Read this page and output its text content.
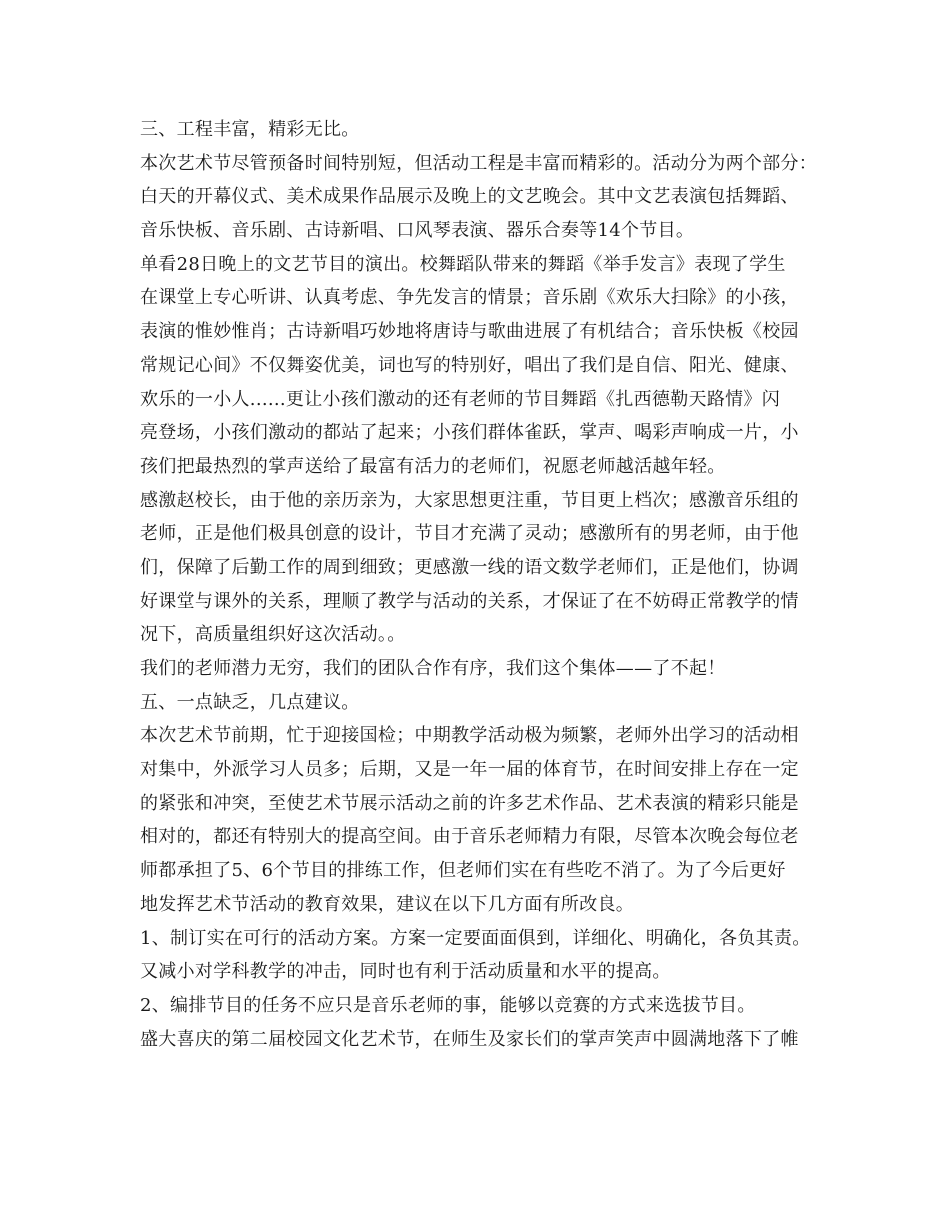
三、工程丰富，精彩无比。
本次艺术节尽管预备时间特别短，但活动工程是丰富而精彩的。活动分为两个部分：
白天的开幕仪式、美术成果作品展示及晚上的文艺晚会。其中文艺表演包括舞蹈、
音乐快板、音乐剧、古诗新唱、口风琴表演、器乐合奏等14个节目。
单看28日晚上的文艺节目的演出。校舞蹈队带来的舞蹈《举手发言》表现了学生
在课堂上专心听讲、认真考虑、争先发言的情景；音乐剧《欢乐大扫除》的小孩，
表演的惟妙惟肖；古诗新唱巧妙地将唐诗与歌曲进展了有机结合；音乐快板《校园
常规记心间》不仅舞姿优美，词也写的特别好，唱出了我们是自信、阳光、健康、
欢乐的一小人......更让小孩们激动的还有老师的节目舞蹈《扎西德勒天路情》闪
亮登场，小孩们激动的都站了起来；小孩们群体雀跃，掌声、喝彩声响成一片，小
孩们把最热烈的掌声送给了最富有活力的老师们，祝愿老师越活越年轻。
感激赵校长，由于他的亲历亲为，大家思想更注重，节目更上档次；感激音乐组的
老师，正是他们极具创意的设计，节目才充满了灵动；感激所有的男老师，由于他
们，保障了后勤工作的周到细致；更感激一线的语文数学老师们，正是他们，协调
好课堂与课外的关系，理顺了教学与活动的关系，才保证了在不妨碍正常教学的情
况下，高质量组织好这次活动。。
我们的老师潜力无穷，我们的团队合作有序，我们这个集体——了不起！
五、一点缺乏，几点建议。
本次艺术节前期，忙于迎接国检；中期教学活动极为频繁，老师外出学习的活动相
对集中，外派学习人员多；后期，又是一年一届的体育节，在时间安排上存在一定
的紧张和冲突，至使艺术节展示活动之前的许多艺术作品、艺术表演的精彩只能是
相对的，都还有特别大的提高空间。由于音乐老师精力有限，尽管本次晚会每位老
师都承担了5、6个节目的排练工作，但老师们实在有些吃不消了。为了今后更好
地发挥艺术节活动的教育效果，建议在以下几方面有所改良。
1、制订实在可行的活动方案。方案一定要面面俱到，详细化、明确化，各负其责。
又减小对学科教学的冲击，同时也有利于活动质量和水平的提高。
2、编排节目的任务不应只是音乐老师的事，能够以竞赛的方式来选拔节目。
盛大喜庆的第二届校园文化艺术节，在师生及家长们的掌声笑声中圆满地落下了帷
